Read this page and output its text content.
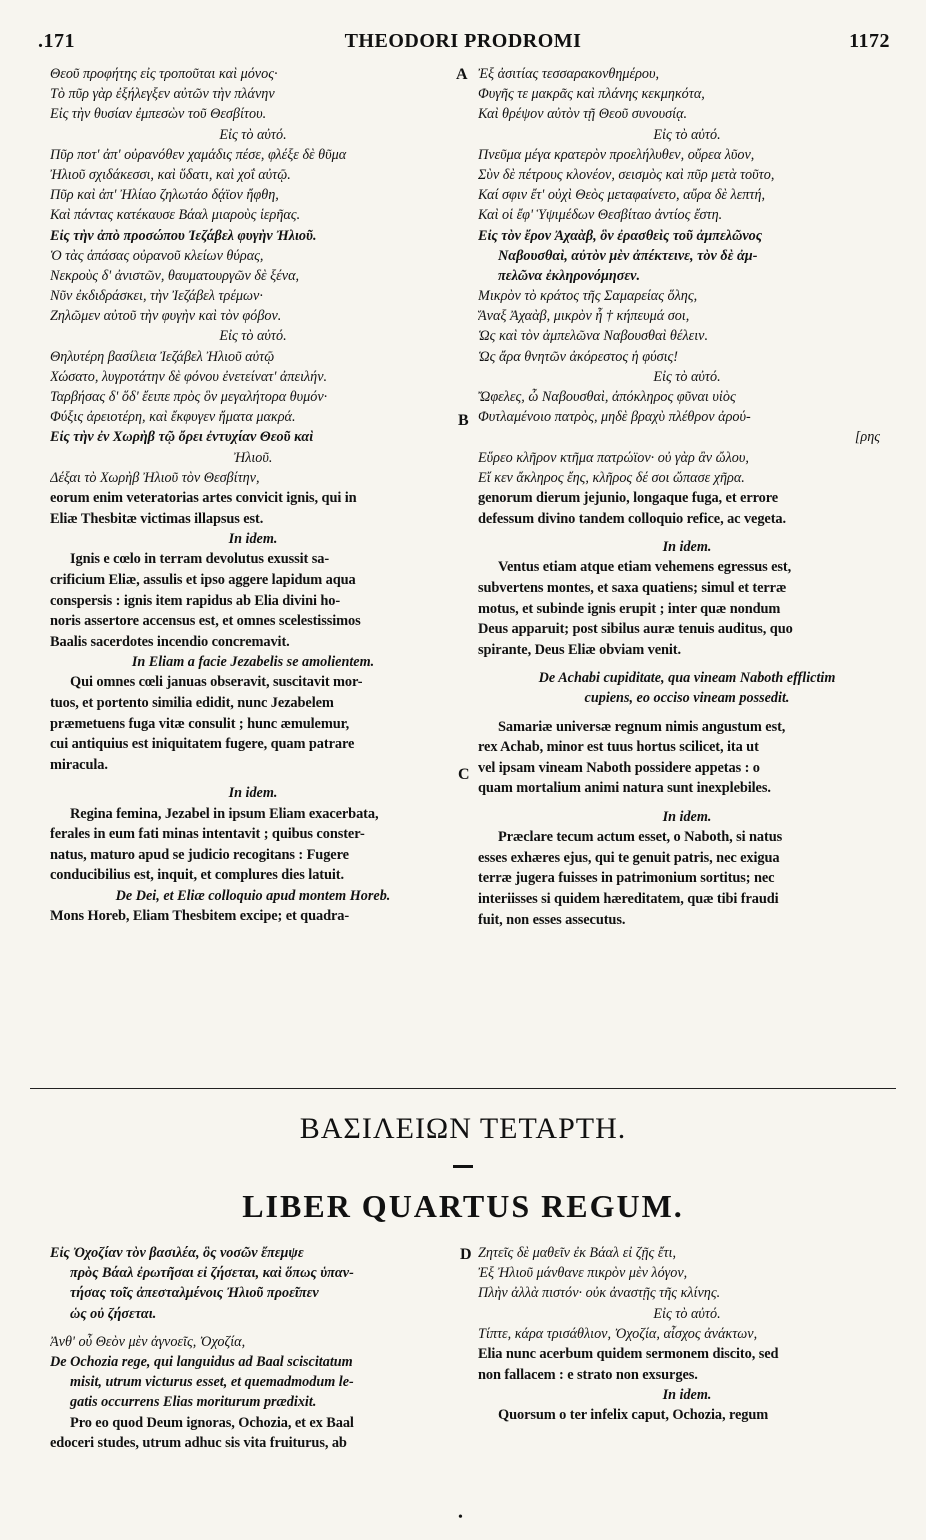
.171	THEODORI PRODROMI	1172
Θεοῦ προφήτης εἰς τροποῦται καὶ μόνος·
Τὸ πῦρ γὰρ ἐξήλεγξεν αὐτῶν τὴν πλάνην
Εἰς τὴν θυσίαν ἐμπεσὼν τοῦ Θεσβίτου.
Εἰς τὸ αὐτό.
Πῦρ ποτ' ἀπ' οὐρανόθεν χαμάδις πέσε, φλέξε δὲ θῦμα
Ἠλιοῦ σχιδάκεσσι, καὶ ὕδατι, καὶ χοΐ αὐτῷ.
Πῦρ καὶ ἀπ' Ἠλίαο ζηλωτάο δᾴϊον ἤφθη,
Καὶ πάντας κατέκαυσε Βάαλ μιαροὺς ἱερῆας.
Εἰς τὴν ἀπὸ προσώπου Ἰεζάβελ φυγὴν Ἠλιοῦ.
Ὁ τὰς ἁπάσας οὐρανοῦ κλείων θύρας,
Νεκροὺς δ' ἀνιστῶν, θαυματουργῶν δὲ ξένα,
Νῦν ἐκδιδράσκει, τὴν Ἰεζάβελ τρέμων·
Ζηλῶμεν αὐτοῦ τὴν φυγὴν καὶ τὸν φόβον.
Εἰς τὸ αὐτό.
Θηλυτέρη βασίλεια Ἰεζάβελ Ἠλιοῦ αὐτῷ
Χώσατο, λυγροτάτην δὲ φόνου ἐνετείνατ' ἀπειλήν.
Ταρβήσας δ' ὅδ' ἔειπε πρὸς ὃν μεγαλήτορα θυμόν·
Φύξις ἀρειοτέρη, καὶ ἔκφυγεν ἤματα μακρά.
Εἰς τὴν ἐν Χωρὴβ τῷ ὄρει ἐντυχίαν Θεοῦ καὶ
Ἠλιοῦ.
Δέξαι τὸ Χωρὴβ Ἠλιοῦ τὸν Θεσβίτην,
eorum enim veteratorias artes convicit ignis, qui in
Eliæ Thesbitæ victimas illapsus est.
In idem.
Ignis e cœlo in terram devolutus exussit sa-
crificium Eliæ, assulis et ipso aggere lapidum aqua
conspersis : ignis item rapidus ab Elia divini ho-
noris assertore accensus est, et omnes scelestissimos
Baalis sacerdotes incendio concremavit.
In Eliam a facie Jezabelis se amolientem.
Qui omnes cœli januas obseravit, suscitavit mor-
tuos, et portento similia edidit, nunc Jezabelem
præmetuens fuga vitæ consulit ; hunc æmulemur,
cui antiquius est iniquitatem fugere, quam patrare
miracula.
In idem.
Regina femina, Jezabel in ipsum Eliam exacerbata,
ferales in eum fati minas intentavit ; quibus conster-
natus, maturo apud se judicio recogitans : Fugere
conducibilius est, inquit, et complures dies latuit.
De Dei, et Eliæ colloquio apud montem Horeb.
Mons Horeb, Eliam Thesbitem excipe; et quadra-
Ἐξ ἀσιτίας τεσσαρακονθημέρου,
Φυγῆς τε μακρᾶς καὶ πλάνης κεκμηκότα,
Καὶ θρέψον αὐτὸν τῇ Θεοῦ συνουσίᾳ.
Εἰς τὸ αὐτό.
Πνεῦμα μέγα κρατερὸν προελήλυθεν, οὔρεα λῦον,
Σὺν δὲ πέτρους κλονέον, σεισμὸς καὶ πῦρ μετὰ τοῦτο,
Καί σφιν ἔτ' οὐχὶ Θεὸς μεταφαίνετο, αὔρα δὲ λεπτή,
Καὶ οἱ ἔφ' Ὑψιμέδων Θεσβίταο ἀντίος ἔστη.
Εἰς τὸν ἔρον Ἀχαὰβ, ὃν ἐρασθεὶς τοῦ ἀμπελῶνος
Ναβουσθαὶ, αὐτὸν μὲν ἀπέκτεινε, τὸν δὲ ἀμ-
πελῶνα ἐκληρονόμησεν.
Μικρὸν τὸ κράτος τῆς Σαμαρείας ὅλης,
Ἄναξ Ἀχαὰβ, μικρὸν ἦ † κήπευμά σοι,
Ὡς καὶ τὸν ἀμπελῶνα Ναβουσθαὶ θέλειν.
Ὡς ἄρα θνητῶν ἀκόρεστος ἡ φύσις!
Εἰς τὸ αὐτό.
Ὤφελες, ὦ Ναβουσθαὶ, ἀπόκληρος φῦναι υἱὸς
Φυτλαμένοιο πατρὸς, μηδὲ βραχὺ πλέθρον ἀρού-
[ρης
Εὕρεο κλῆρον κτῆμα πατρώϊον· οὐ γὰρ ἂν ὤλου,
Εἴ κεν ἄκληρος ἔης, κλῆρος δέ σοι ὤπασε χῆρα.
genorum dierum jejunio, longaque fuga, et errore
defessum divino tandem colloquio refice, ac vegeta.
In idem.
Ventus etiam atque etiam vehemens egressus est,
subvertens montes, et saxa quatiens; simul et terræ
motus, et subinde ignis erupit ; inter quæ nondum
Deus apparuit; post sibilus auræ tenuis auditus, quo
spirante, Deus Eliæ obviam venit.
De Achabi cupiditate, qua vineam Naboth efflictim
cupiens, eo occiso vineam possedit.
Samariæ universæ regnum nimis angustum est,
rex Achab, minor est tuus hortus scilicet, ita ut
vel ipsam vineam Naboth possidere appetas : o
quam mortalium animi natura sunt inexplebiles.
In idem.
Præclare tecum actum esset, o Naboth, si natus
esses exhæres ejus, qui te genuit patris, nec exigua
terræ jugera fuisses in patrimonium sortitus; nec
interiisses si quidem hæreditatem, quæ tibi fraudi
fuit, non esses assecutus.
A
B
C
D
ΒΑΣΙΛΕΙΩΝ ΤΕΤΑΡΤΗ.
LIBER QUARTUS REGUM.
Εἰς Ὀχοζίαν τὸν βασιλέα, ὃς νοσῶν ἔπεμψε
πρὸς Βάαλ ἐρωτῆσαι εἰ ζήσεται, καὶ ὅπως ὑπαν-
τήσας τοῖς ἀπεσταλμένοις Ἠλιοῦ προεῖπεν
ὡς οὐ ζήσεται.
Ἀνθ' οὗ Θεὸν μὲν ἀγνοεῖς, Ὀχοζία,
De Ochozia rege, qui languidus ad Baal sciscitatum
misit, utrum victurus esset, et quemadmodum le-
gatis occurrens Elias moriturum prædixit.
Pro eo quod Deum ignoras, Ochozia, et ex Baal
edoceri studes, utrum adhuc sis vita fruiturus, ab
Ζητεῖς δὲ μαθεῖν ἐκ Βάαλ εἰ ζῇς ἔτι,
Ἐξ Ἠλιοῦ μάνθανε πικρὸν μὲν λόγον,
Πλὴν ἀλλὰ πιστόν· οὐκ ἀναστῇς τῆς κλίνης.
Εἰς τὸ αὐτό.
Τίπτε, κάρα τρισάθλιον, Ὀχοζία, αἶσχος ἀνάκτων,
Elia nunc acerbum quidem sermonem discito, sed
non fallacem : e strato non exsurges.
In idem.
Quorsum o ter infelix caput, Ochozia, regum
•
